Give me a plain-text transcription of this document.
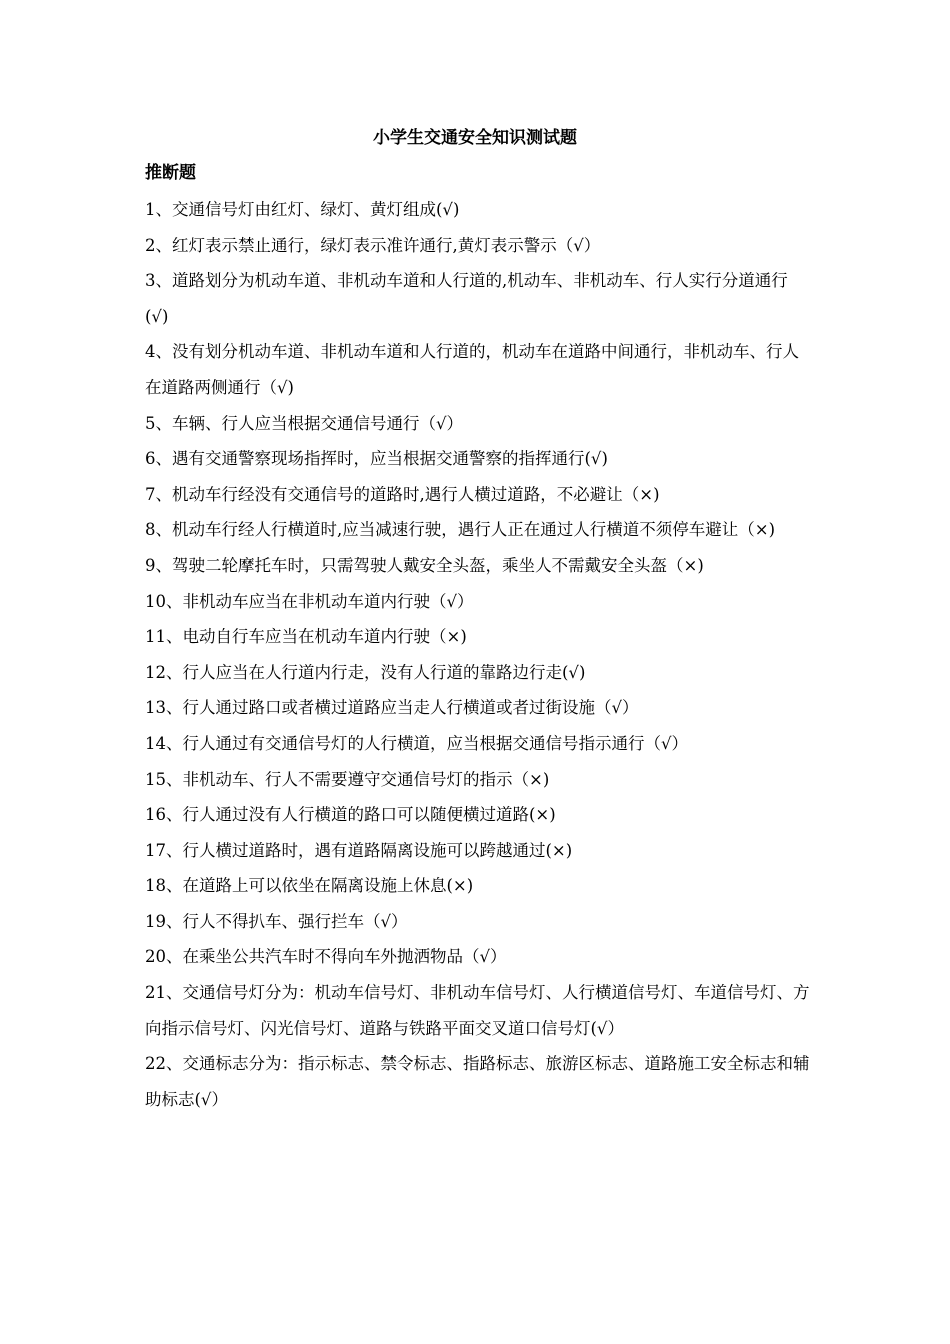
小学生交通安全知识测试题
推断题
1、交通信号灯由红灯、绿灯、黄灯组成(√)
2、红灯表示禁止通行，绿灯表示准许通行,黄灯表示警示（√）
3、道路划分为机动车道、非机动车道和人行道的,机动车、非机动车、行人实行分道通行(√)
4、没有划分机动车道、非机动车道和人行道的，机动车在道路中间通行，非机动车、行人在道路两侧通行（√)
5、车辆、行人应当根据交通信号通行（√）
6、遇有交通警察现场指挥时，应当根据交通警察的指挥通行(√)
7、机动车行经没有交通信号的道路时,遇行人横过道路，不必避让（×)
8、机动车行经人行横道时,应当减速行驶，遇行人正在通过人行横道不须停车避让（×)
9、驾驶二轮摩托车时，只需驾驶人戴安全头盔，乘坐人不需戴安全头盔（×)
10、非机动车应当在非机动车道内行驶（√）
11、电动自行车应当在机动车道内行驶（×)
12、行人应当在人行道内行走，没有人行道的靠路边行走(√)
13、行人通过路口或者横过道路应当走人行横道或者过街设施（√）
14、行人通过有交通信号灯的人行横道，应当根据交通信号指示通行（√）
15、非机动车、行人不需要遵守交通信号灯的指示（×)
16、行人通过没有人行横道的路口可以随便横过道路(×)
17、行人横过道路时，遇有道路隔离设施可以跨越通过(×)
18、在道路上可以依坐在隔离设施上休息(×)
19、行人不得扒车、强行拦车（√）
20、在乘坐公共汽车时不得向车外抛洒物品（√）
21、交通信号灯分为：机动车信号灯、非机动车信号灯、人行横道信号灯、车道信号灯、方向指示信号灯、闪光信号灯、道路与铁路平面交叉道口信号灯(√）
22、交通标志分为：指示标志、禁令标志、指路标志、旅游区标志、道路施工安全标志和辅助标志(√）
